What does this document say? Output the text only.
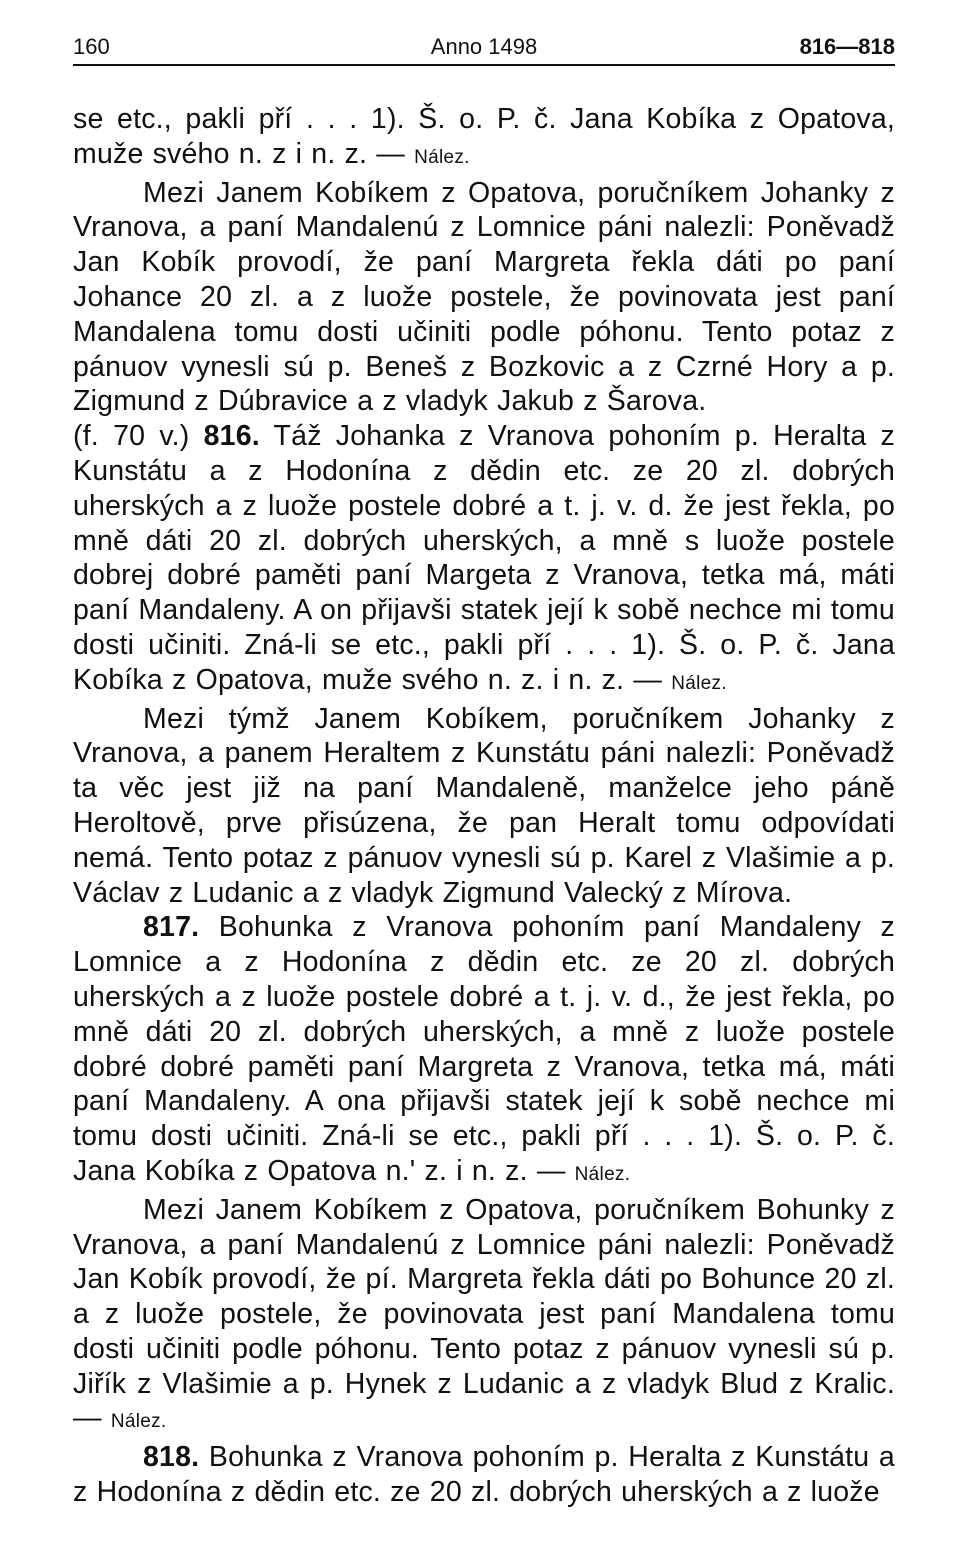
160	Anno 1498	816—818

se etc., pakli pří . . . 1). Š. o. P. č. Jana Kobíka z Opatova, muže svého n. z i n. z. — Nález.

Mezi Janem Kobíkem z Opatova, poručníkem Johanky z Vranova, a paní Mandalenú z Lomnice páni nalezli: Poněvadž Jan Kobík provodí, že paní Margreta řekla dáti po paní Johance 20 zl. a z luože postele, že povinovata jest paní Mandalena tomu dosti učiniti podle póhonu. Tento potaz z pánuov vynesli sú p. Beneš z Bozkovic a z Czrné Hory a p. Zigmund z Dúbravice a z vladyk Jakub z Šarova.

(f. 70 v.) 816. Táž Johanka z Vranova pohoním p. Heralta z Kunstátu a z Hodonína z dědin etc. ze 20 zl. dobrých uherských a z luože postele dobré a t. j. v. d. že jest řekla, po mně dáti 20 zl. dobrých uherských, a mně s luože postele dobrej dobré paměti paní Margeta z Vranova, tetka má, máti paní Mandaleny. A on přijavši statek její k sobě nechce mi tomu dosti učiniti. Zná-li se etc., pakli pří . . . 1). Š. o. P. č. Jana Kobíka z Opatova, muže svého n. z. i n. z. — Nález.

Mezi týmž Janem Kobíkem, poručníkem Johanky z Vranova, a panem Heraltem z Kunstátu páni nalezli: Poněvadž ta věc jest již na paní Mandaleně, manželce jeho páně Heroltově, prve přisúzena, že pan Heralt tomu odpovídati nemá. Tento potaz z pánuov vynesli sú p. Karel z Vlašimie a p. Václav z Ludanic a z vladyk Zigmund Valecký z Mírova.

817. Bohunka z Vranova pohoním paní Mandaleny z Lomnice a z Hodonína z dědin etc. ze 20 zl. dobrých uherských a z luože postele dobré a t. j. v. d., že jest řekla, po mně dáti 20 zl. dobrých uherských, a mně z luože postele dobré dobré paměti paní Margreta z Vranova, tetka má, máti paní Mandaleny. A ona přijavši statek její k sobě nechce mi tomu dosti učiniti. Zná-li se etc., pakli pří . . . 1). Š. o. P. č. Jana Kobíka z Opatova n.' z. i n. z. — Nález.

Mezi Janem Kobíkem z Opatova, poručníkem Bohunky z Vranova, a paní Mandalenú z Lomnice páni nalezli: Poněvadž Jan Kobík provodí, že pí. Margreta řekla dáti po Bohunce 20 zl. a z luože postele, že povinovata jest paní Mandalena tomu dosti učiniti podle póhonu. Tento potaz z pánuov vynesli sú p. Jiřík z Vlašimie a p. Hynek z Ludanic a z vladyk Blud z Kralic. — Nález.

818. Bohunka z Vranova pohoním p. Heralta z Kunstátu a z Hodonína z dědin etc. ze 20 zl. dobrých uherských a z luože
